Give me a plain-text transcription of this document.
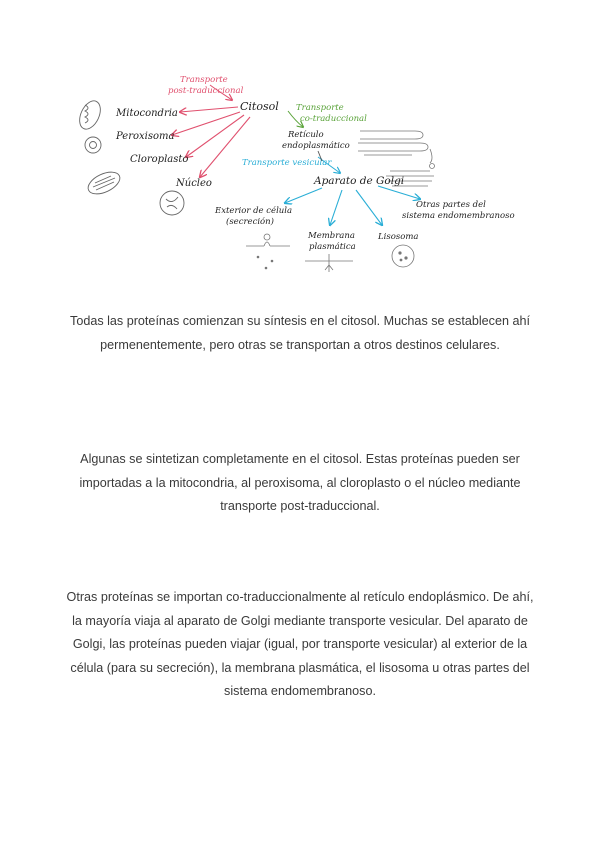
Transporte post-traduccional
Citosol
Mitocondria
Peroxisoma
Cloroplasto
Núcleo
Transporte co-traduccional
Retículo endoplasmático
Transporte vesicular
Aparato de Golgi
Exterior de célula (secreción)
Membrana plasmática
Lisosoma
Otras partes del sistema endomembranoso

Todas las proteínas comienzan su síntesis en el citosol. Muchas se establecen ahí permenentemente, pero otras se transportan a otros destinos celulares.

Algunas se sintetizan completamente en el citosol. Estas proteínas pueden ser importadas a la mitocondria, al peroxisoma, al cloroplasto o el núcleo mediante transporte post-traduccional.

Otras proteínas se importan co-traduccionalmente al retículo endoplásmico. De ahí, la mayoría viaja al aparato de Golgi mediante transporte vesicular. Del aparato de Golgi, las proteínas pueden viajar (igual, por transporte vesicular) al exterior de la célula (para su secreción), la membrana plasmática, el lisosoma u otras partes del sistema endomembranoso.
